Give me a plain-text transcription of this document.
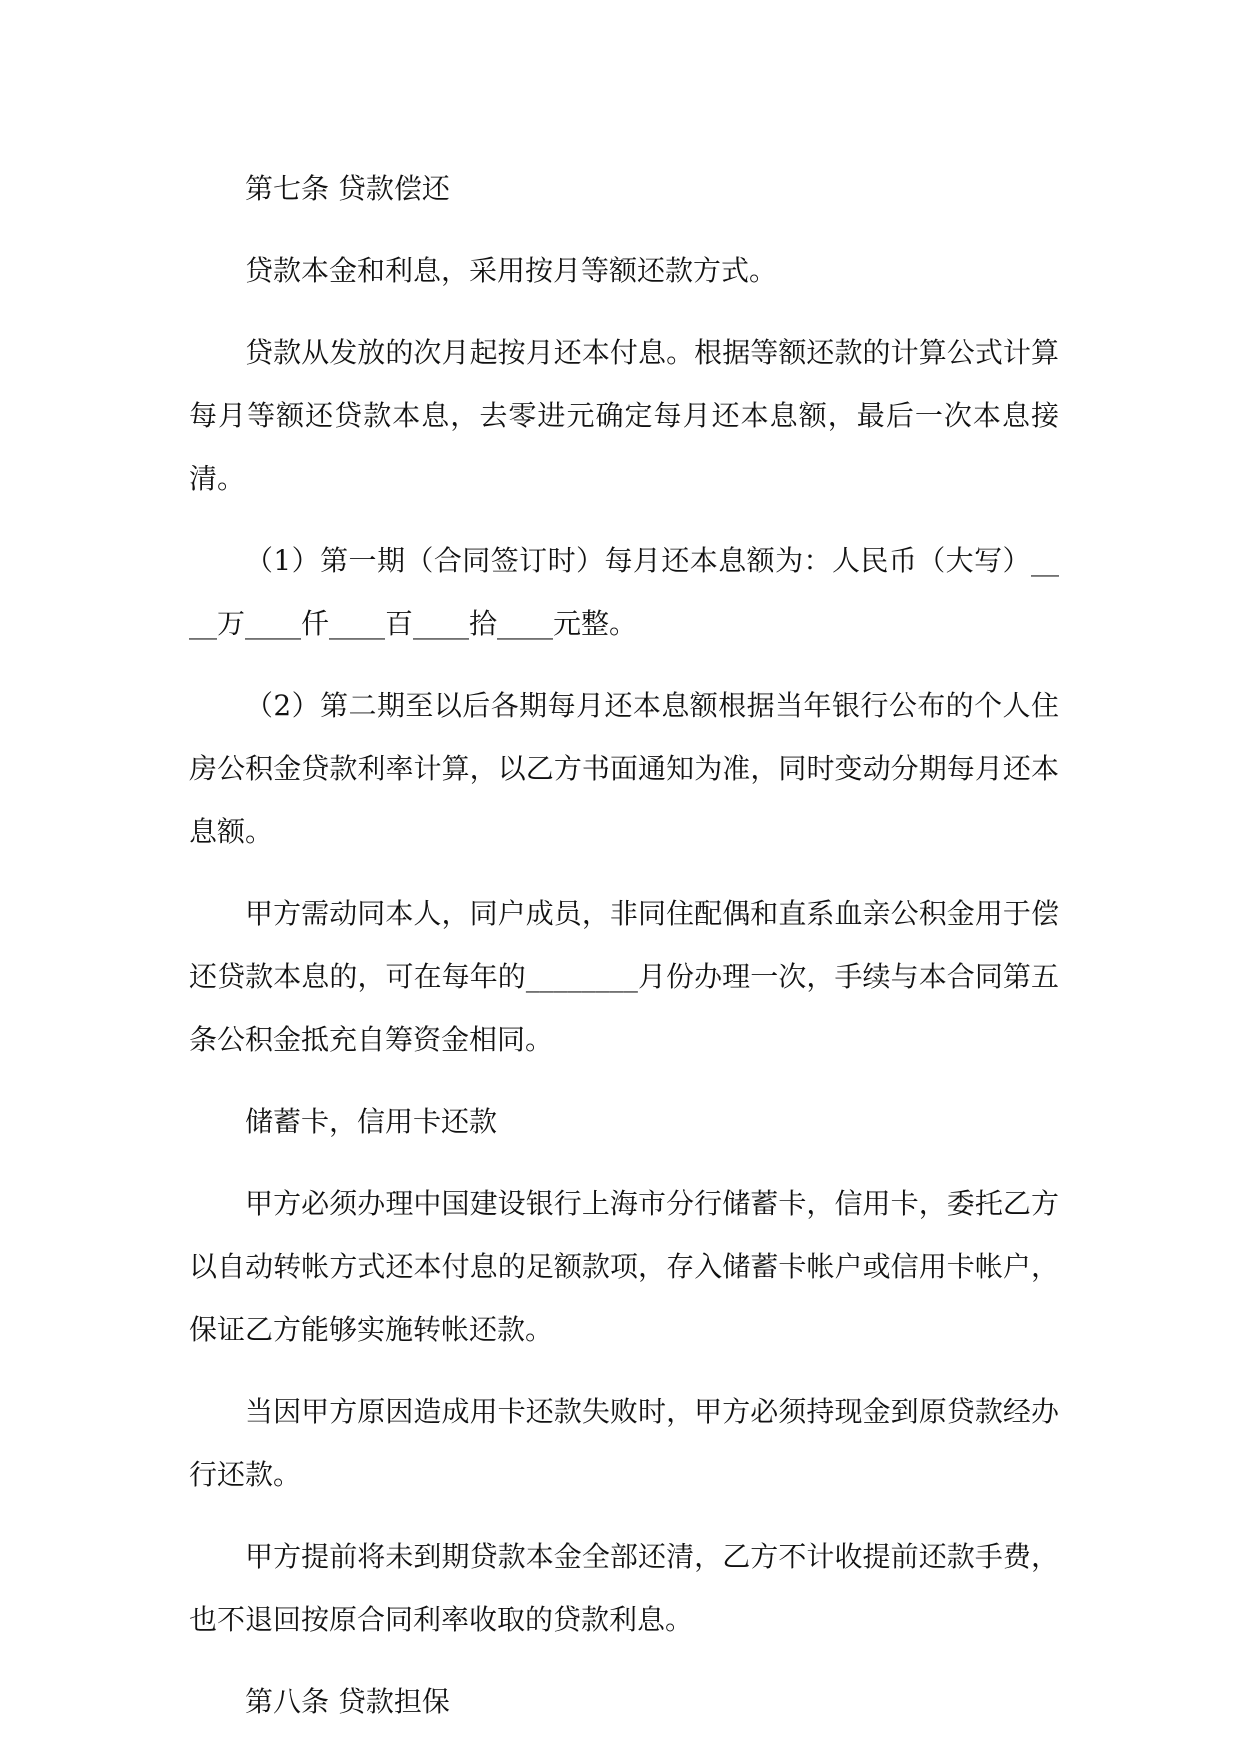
第七条 贷款偿还

贷款本金和利息，采用按月等额还款方式。

贷款从发放的次月起按月还本付息。根据等额还款的计算公式计算每月等额还贷款本息，去零进元确定每月还本息额，最后一次本息接清。

（1）第一期（合同签订时）每月还本息额为：人民币（大写）____万____仟____百____拾____元整。

（2）第二期至以后各期每月还本息额根据当年银行公布的个人住房公积金贷款利率计算，以乙方书面通知为准，同时变动分期每月还本息额。

甲方需动同本人，同户成员，非同住配偶和直系血亲公积金用于偿还贷款本息的，可在每年的________月份办理一次，手续与本合同第五条公积金抵充自筹资金相同。

储蓄卡，信用卡还款

甲方必须办理中国建设银行上海市分行储蓄卡，信用卡，委托乙方以自动转帐方式还本付息的足额款项，存入储蓄卡帐户或信用卡帐户，保证乙方能够实施转帐还款。

当因甲方原因造成用卡还款失败时，甲方必须持现金到原贷款经办行还款。

甲方提前将未到期贷款本金全部还清，乙方不计收提前还款手费，也不退回按原合同利率收取的贷款利息。

第八条 贷款担保
